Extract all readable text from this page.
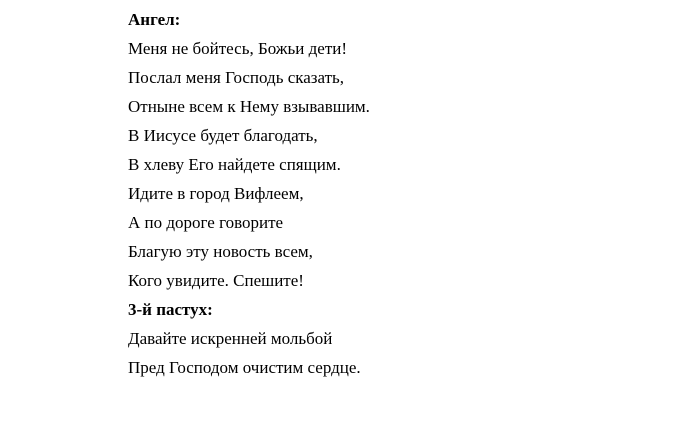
Ангел:

Меня не бойтесь, Божьи дети!

Послал меня Господь сказать,

Отныне всем к Нему взывавшим.

В Иисусе будет благодать,

В хлеву Его найдете спящим.

Идите в город Вифлеем,

А по дороге говорите

Благую эту новость всем,

Кого увидите. Спешите!

3-й пастух:

Давайте искренней мольбой

Пред Господом очистим сердце.
